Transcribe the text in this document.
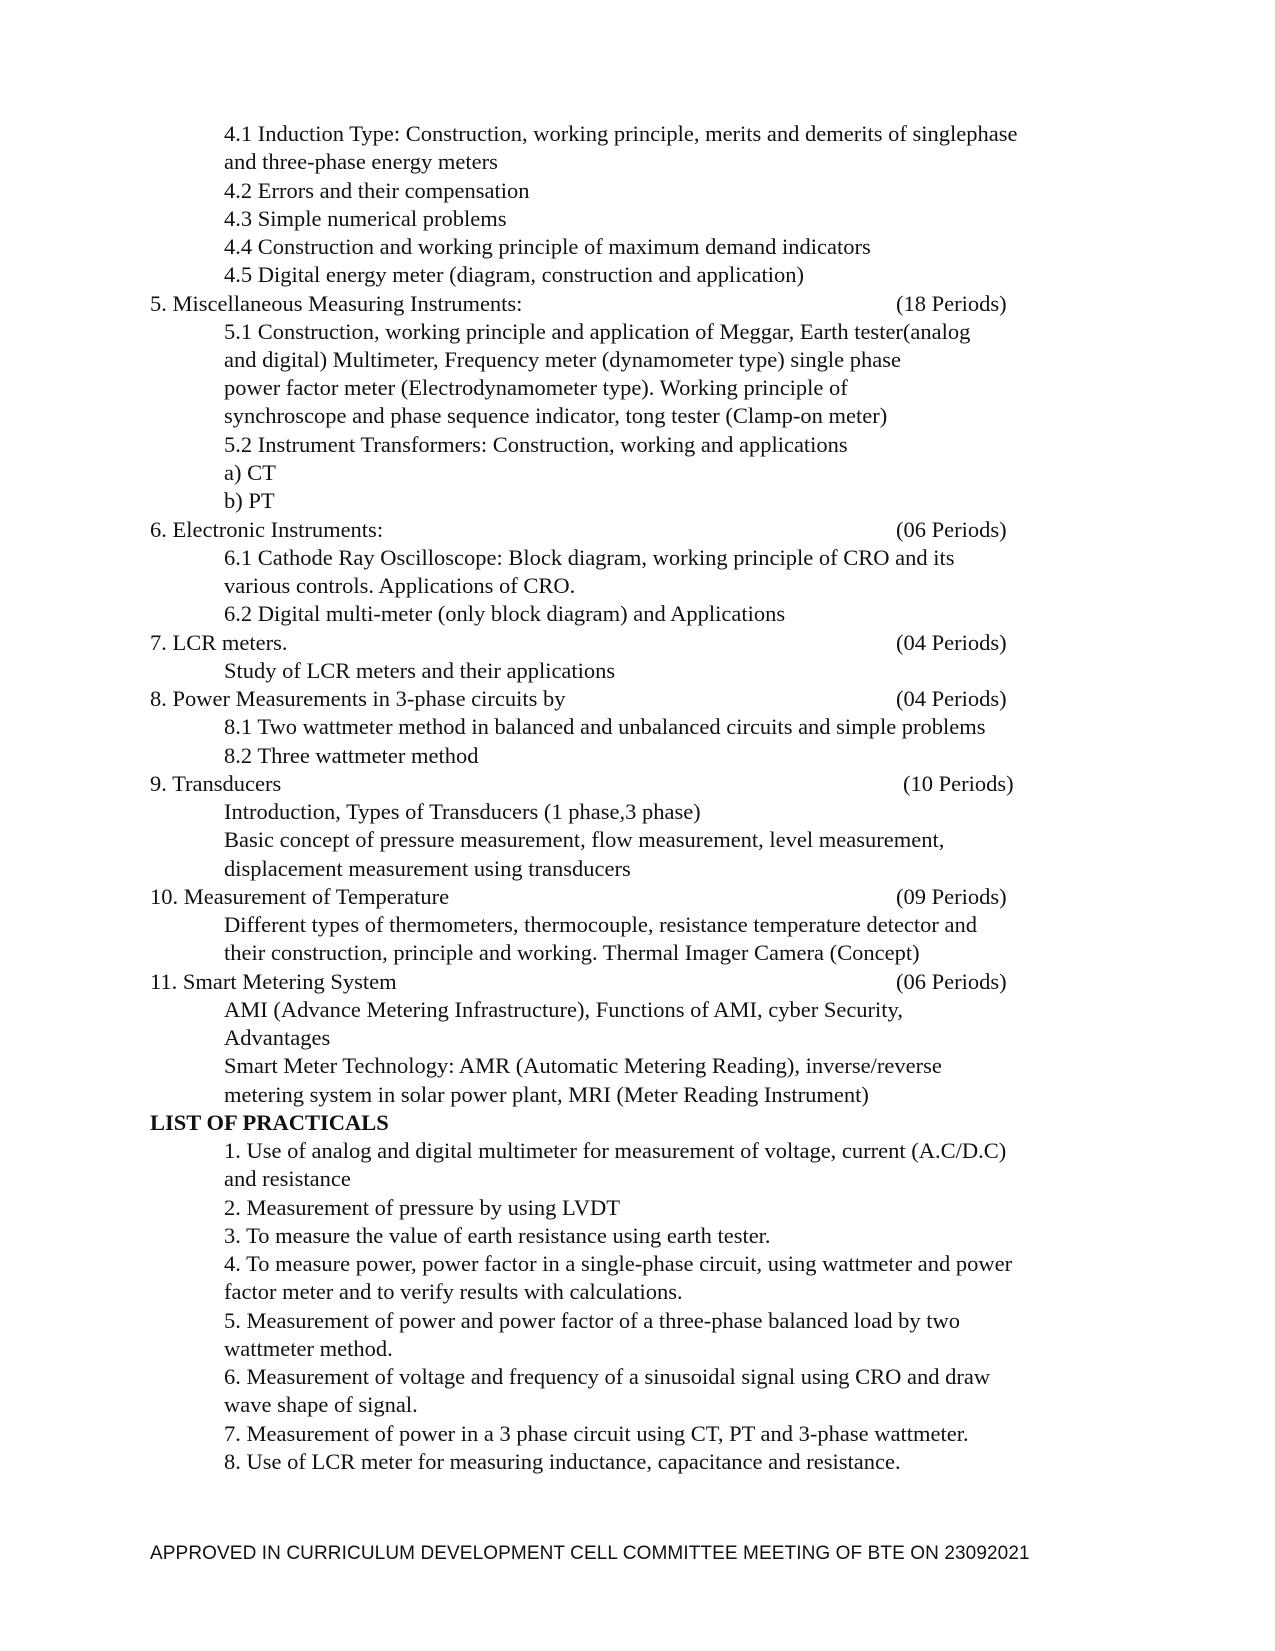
4.1 Induction Type: Construction, working principle, merits and demerits of singlephase
and three-phase energy meters
4.2 Errors and their compensation
4.3 Simple numerical problems
4.4 Construction and working principle of maximum demand indicators
4.5 Digital energy meter (diagram, construction and application)
5. Miscellaneous Measuring Instruments:	(18 Periods)
5.1 Construction, working principle and application of Meggar, Earth tester(analog
and digital) Multimeter, Frequency meter (dynamometer type) single phase
power factor meter (Electrodynamometer type). Working principle of
synchroscope and phase sequence indicator, tong tester (Clamp-on meter)
5.2 Instrument Transformers: Construction, working and applications
a) CT
b) PT
6. Electronic Instruments:	(06 Periods)
6.1 Cathode Ray Oscilloscope: Block diagram, working principle of CRO and its
various controls. Applications of CRO.
6.2 Digital multi-meter (only block diagram) and Applications
7. LCR meters.	(04 Periods)
Study of LCR meters and their applications
8. Power Measurements in 3-phase circuits by	(04 Periods)
8.1 Two wattmeter method in balanced and unbalanced circuits and simple problems
8.2 Three wattmeter method
9. Transducers	(10 Periods)
Introduction, Types of Transducers (1 phase,3 phase)
Basic concept of pressure measurement, flow measurement, level measurement,
displacement measurement using transducers
10. Measurement of Temperature	(09 Periods)
Different types of thermometers, thermocouple, resistance temperature detector and
their construction, principle and working. Thermal Imager Camera (Concept)
11. Smart Metering System	(06 Periods)
AMI (Advance Metering Infrastructure), Functions of AMI, cyber Security,
Advantages
Smart Meter Technology: AMR (Automatic Metering Reading), inverse/reverse
metering system in solar power plant, MRI (Meter Reading Instrument)
LIST OF PRACTICALS
1. Use of analog and digital multimeter for measurement of voltage, current (A.C/D.C)
and resistance
2. Measurement of pressure by using LVDT
3. To measure the value of earth resistance using earth tester.
4. To measure power, power factor in a single-phase circuit, using wattmeter and power
factor meter and to verify results with calculations.
5. Measurement of power and power factor of a three-phase balanced load by two
wattmeter method.
6. Measurement of voltage and frequency of a sinusoidal signal using CRO and draw
wave shape of signal.
7. Measurement of power in a 3 phase circuit using CT, PT and 3-phase wattmeter.
8. Use of LCR meter for measuring inductance, capacitance and resistance.
APPROVED IN CURRICULUM DEVELOPMENT CELL COMMITTEE MEETING OF BTE ON 23092021
